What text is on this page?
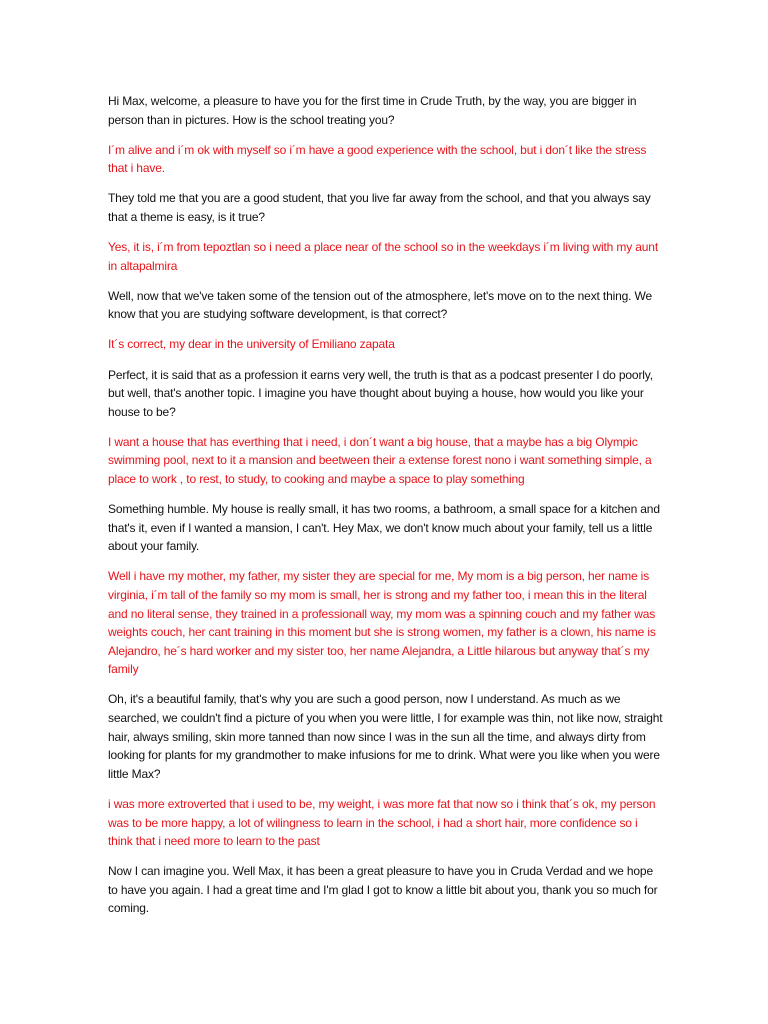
Hi Max, welcome, a pleasure to have you for the first time in Crude Truth, by the way, you are bigger in person than in pictures. How is the school treating you?

I´m alive and i´m ok with myself so i´m have a good experience with the school, but i don´t like the stress that i have.

They told me that you are a good student, that you live far away from the school, and that you always say that a theme is easy, is it true?

Yes, it is, i´m from tepoztlan so i need a place near of the school so in the weekdays i´m living with my aunt in altapalmira

Well, now that we've taken some of the tension out of the atmosphere, let's move on to the next thing. We know that you are studying software development, is that correct?

It´s correct, my dear in the university of Emiliano zapata

Perfect, it is said that as a profession it earns very well, the truth is that as a podcast presenter I do poorly, but well, that's another topic. I imagine you have thought about buying a house, how would you like your house to be?

I want a house that has everthing that i need, i don´t want a big house, that a maybe has a big Olympic swimming pool, next to it a mansion and beetween their a extense forest nono i want something simple, a place to work , to rest, to study, to cooking and maybe a space to play something

Something humble. My house is really small, it has two rooms, a bathroom, a small space for a kitchen and that's it, even if I wanted a mansion, I can't. Hey Max, we don't know much about your family, tell us a little about your family.

Well i have my mother, my father, my sister they are special for me, My mom is a big person, her name is virginia, i´m tall of the family so my mom is small, her is strong and my father too, i mean this in the literal and no literal sense, they trained in a professionall way, my mom was a spinning couch and my father was weights couch, her cant training in this moment but she is strong women, my father is a clown, his name is Alejandro, he´s hard worker and my sister too, her name Alejandra, a Little hilarous but anyway that´s my family

Oh, it's a beautiful family, that's why you are such a good person, now I understand. As much as we searched, we couldn't find a picture of you when you were little, I for example was thin, not like now, straight hair, always smiling, skin more tanned than now since I was in the sun all the time, and always dirty from looking for plants for my grandmother to make infusions for me to drink. What were you like when you were little Max?

i was more extroverted that i used to be, my weight, i was more fat that now so i think that´s ok, my person was to be more happy, a lot of wilingness to learn in the school, i had a short hair, more confidence so i think that i need more to learn to the past

Now I can imagine you. Well Max, it has been a great pleasure to have you in Cruda Verdad and we hope to have you again. I had a great time and I'm glad I got to know a little bit about you, thank you so much for coming.
